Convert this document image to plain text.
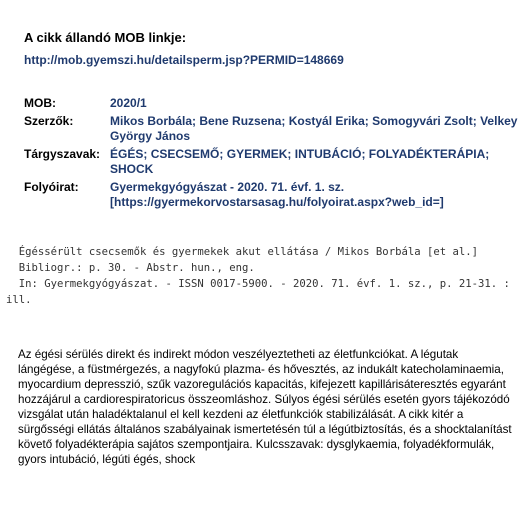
A cikk állandó MOB linkje:

http://mob.gyemszi.hu/detailsperm.jsp?PERMID=148669
MOB:	2020/1
Szerzők:	Mikos Borbála; Bene Ruzsena; Kostyál Erika; Somogyvári Zsolt; Velkey György János
Tárgyszavak: ÉGÉS; CSECSEMŐ; GYERMEK; INTUBÁCIÓ; FOLYADÉKTERÁPIA; SHOCK
Folyóirat:	Gyermekgyógyászat - 2020. 71. évf. 1. sz.
[https://gyermekorvostarsasag.hu/folyoirat.aspx?web_id=]
Égéssérült csecsemők és gyermekek akut ellátása / Mikos Borbála [et al.]
Bibliogr.: p. 30. - Abstr. hun., eng.
In: Gyermekgyógyászat. - ISSN 0017-5900. - 2020. 71. évf. 1. sz., p. 21-31. : ill.

Az égési sérülés direkt és indirekt módon veszélyeztetheti az életfunkciókat. A légutak lángégése, a füstmérgezés, a nagyfokú plazma- és hővesztés, az indukált katecholaminaemia, myocardium depresszió, szűk vazoregulációs kapacitás, kifejezett kapillárisáteresztés egyaránt hozzájárul a cardiorespiratoricus összeomláshoz. Súlyos égési sérülés esetén gyors tájékozódó vizsgálat után haladéktalanul el kell kezdeni az életfunkciók stabilizálását. A cikk kitér a sürgősségi ellátás általános szabályainak ismertetésén túl a légútbiztosítás, és a shocktalanítást követő folyadékterápia sajátos szempontjaira. Kulcsszavak: dysglykaemia, folyadékformulák, gyors intubáció, légúti égés, shock
